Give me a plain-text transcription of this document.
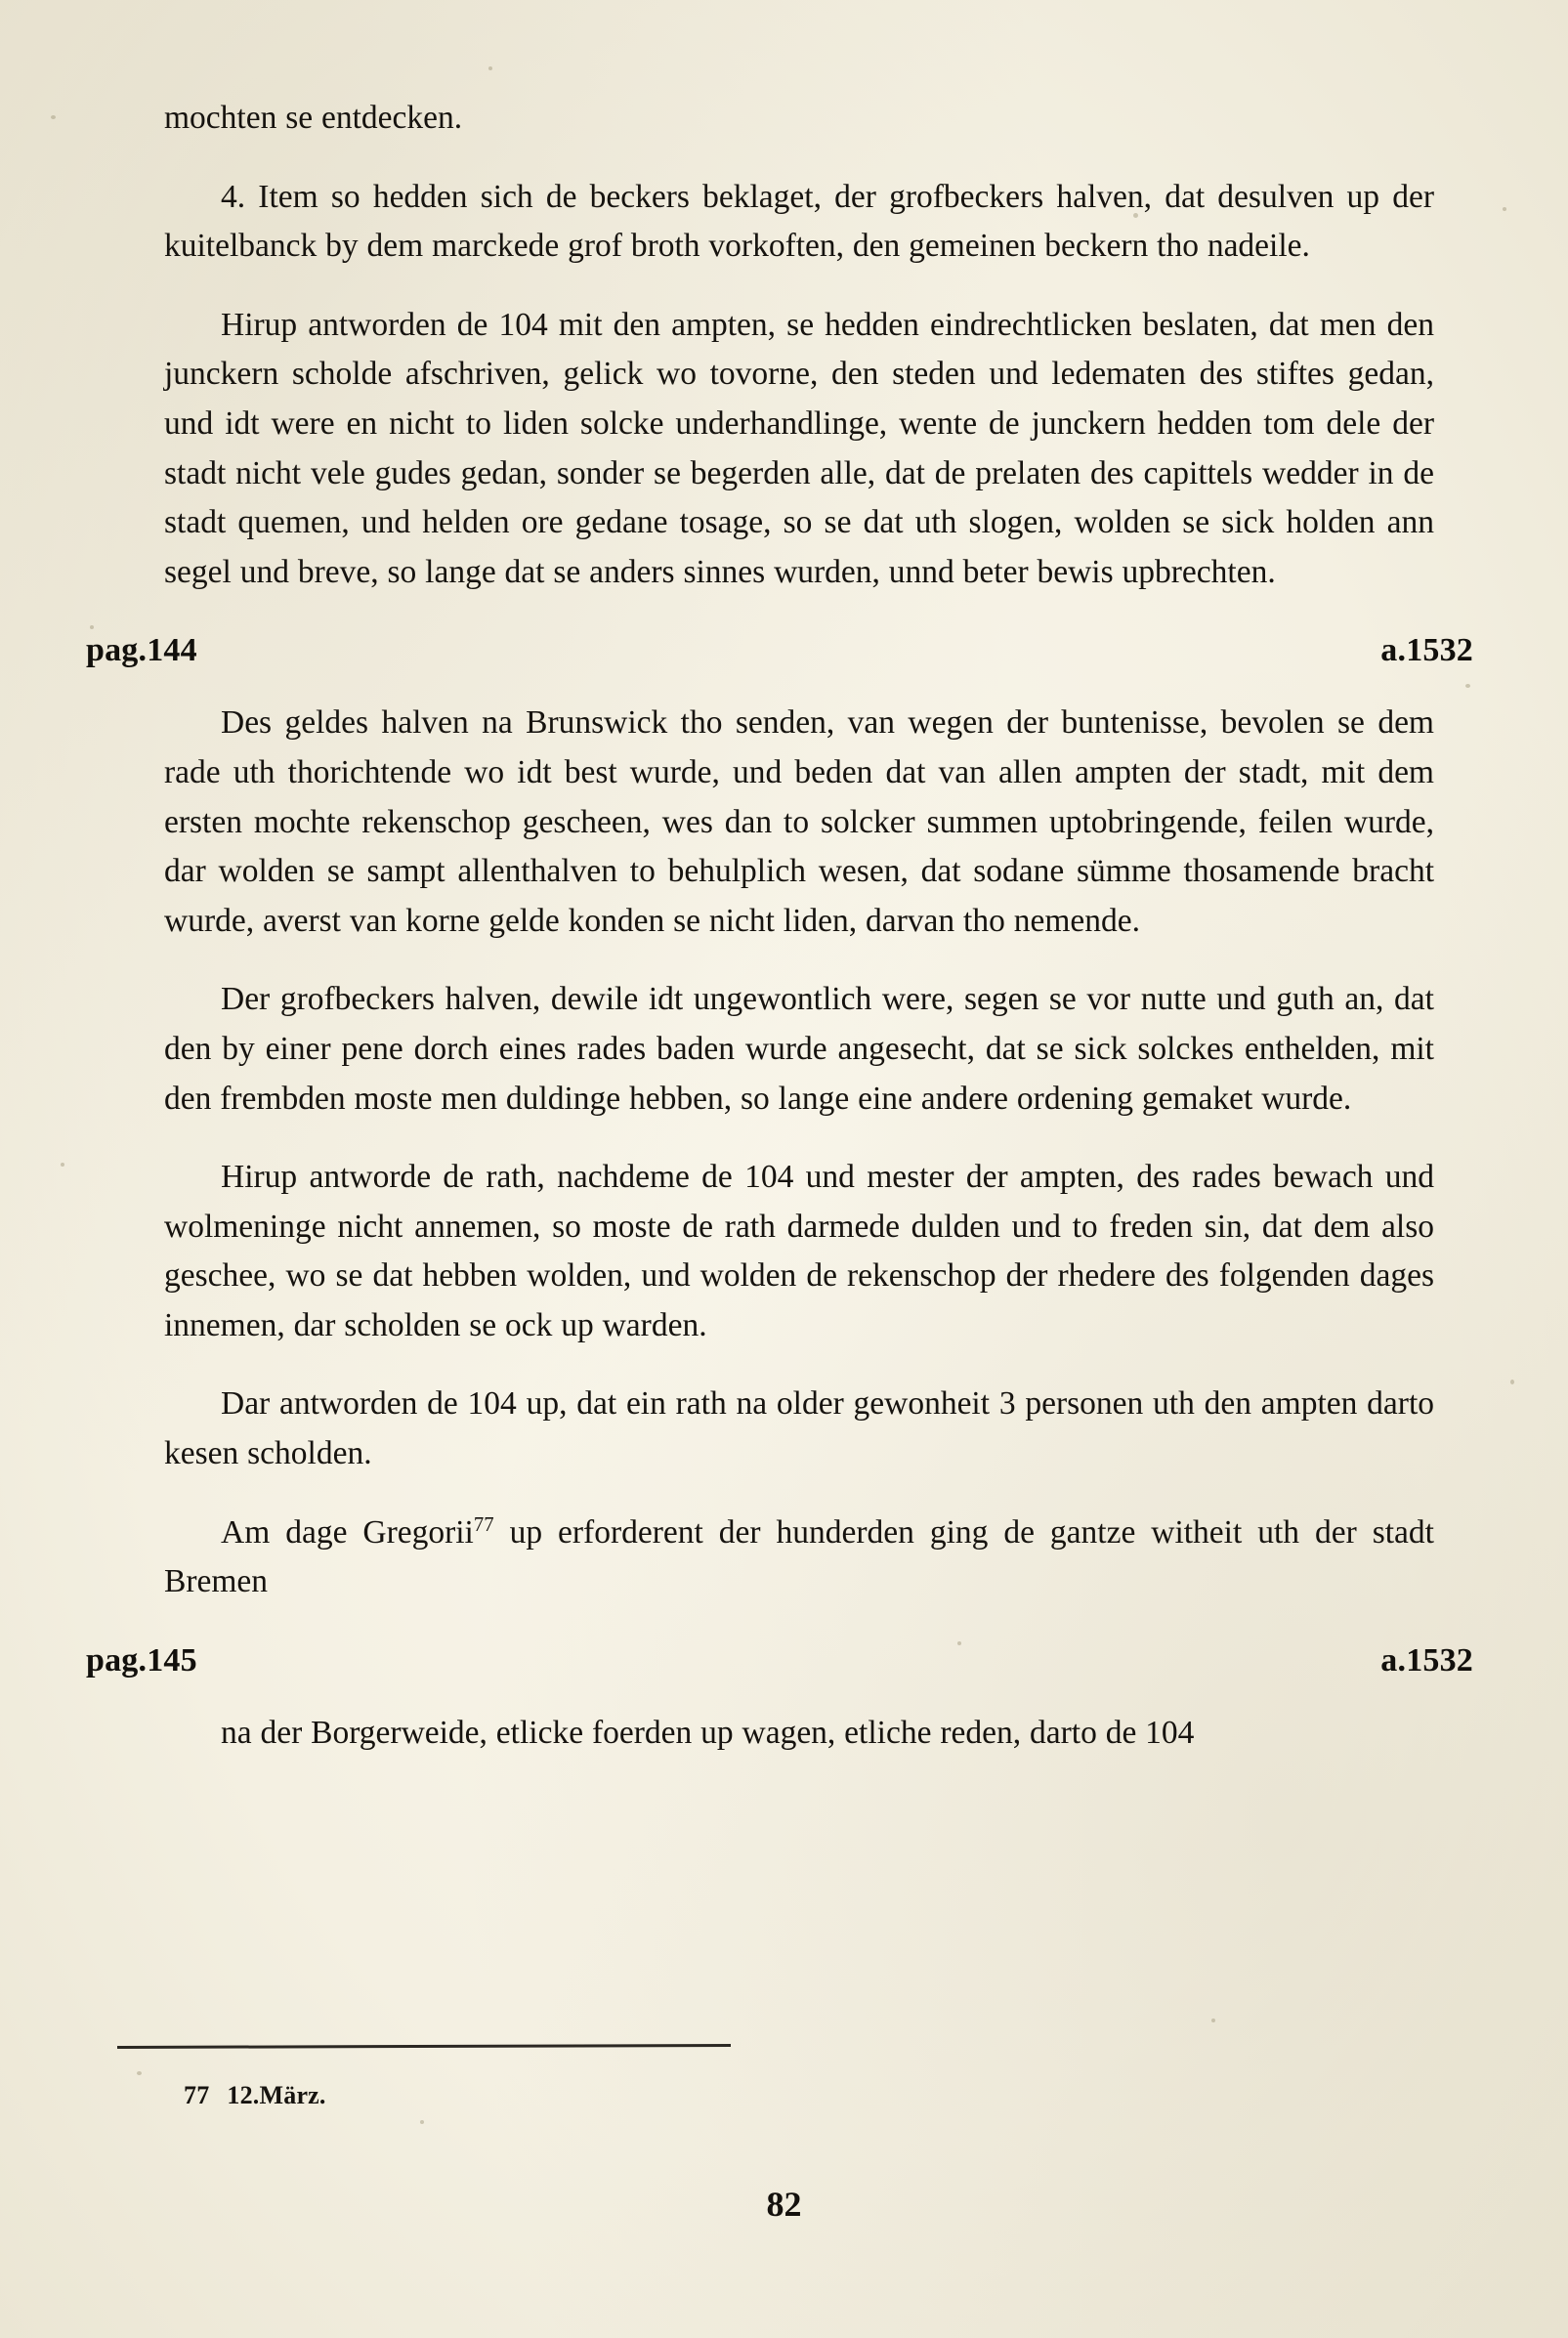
mochten se entdecken.

4. Item so hedden sich de beckers beklaget, der grofbeckers halven, dat desulven up der kuitelbanck by dem marckede grof broth vorkoften, den gemeinen beckern tho nadeile.

Hirup antworden de 104 mit den ampten, se hedden eindrechtlicken beslaten, dat men den junckern scholde afschriven, gelick wo tovorne, den steden und ledematen des stiftes gedan, und idt were en nicht to liden solcke underhandlinge, wente de junckern hedden tom dele der stadt nicht vele gudes gedan, sonder se begerden alle, dat de prelaten des capittels wedder in de stadt quemen, und helden ore gedane tosage, so se dat uth slogen, wolden se sick holden ann segel und breve, so lange dat se anders sinnes wurden, unnd beter bewis upbrechten.

pag.144	a.1532

Des geldes halven na Brunswick tho senden, van wegen der buntenisse, bevolen se dem rade uth thorichtende wo idt best wurde, und beden dat van allen ampten der stadt, mit dem ersten mochte rekenschop gescheen, wes dan to solcker summen uptobringende, feilen wurde, dar wolden se sampt allenthalven to behulplich wesen, dat sodane sümme thosamende bracht wurde, averst van korne gelde konden se nicht liden, darvan tho nemende.

Der grofbeckers halven, dewile idt ungewontlich were, segen se vor nutte und guth an, dat den by einer pene dorch eines rades baden wurde angesecht, dat se sick solckes enthelden, mit den frembden moste men duldinge hebben, so lange eine andere ordening gemaket wurde.

Hirup antworde de rath, nachdeme de 104 und mester der ampten, des rades bewach und wolmeninge nicht annemen, so moste de rath darmede dulden und to freden sin, dat dem also geschee, wo se dat hebben wolden, und wolden de rekenschop der rhedere des folgenden dages innemen, dar scholden se ock up warden.

Dar antworden de 104 up, dat ein rath na older gewonheit 3 personen uth den ampten darto kesen scholden.

Am dage Gregorii$^{77}$ up erforderent der hunderden ging de gantze witheit uth der stadt Bremen

pag.145	a.1532

na der Borgerweide, etlicke foerden up wagen, etliche reden, darto de 104

77 12.März.
82
